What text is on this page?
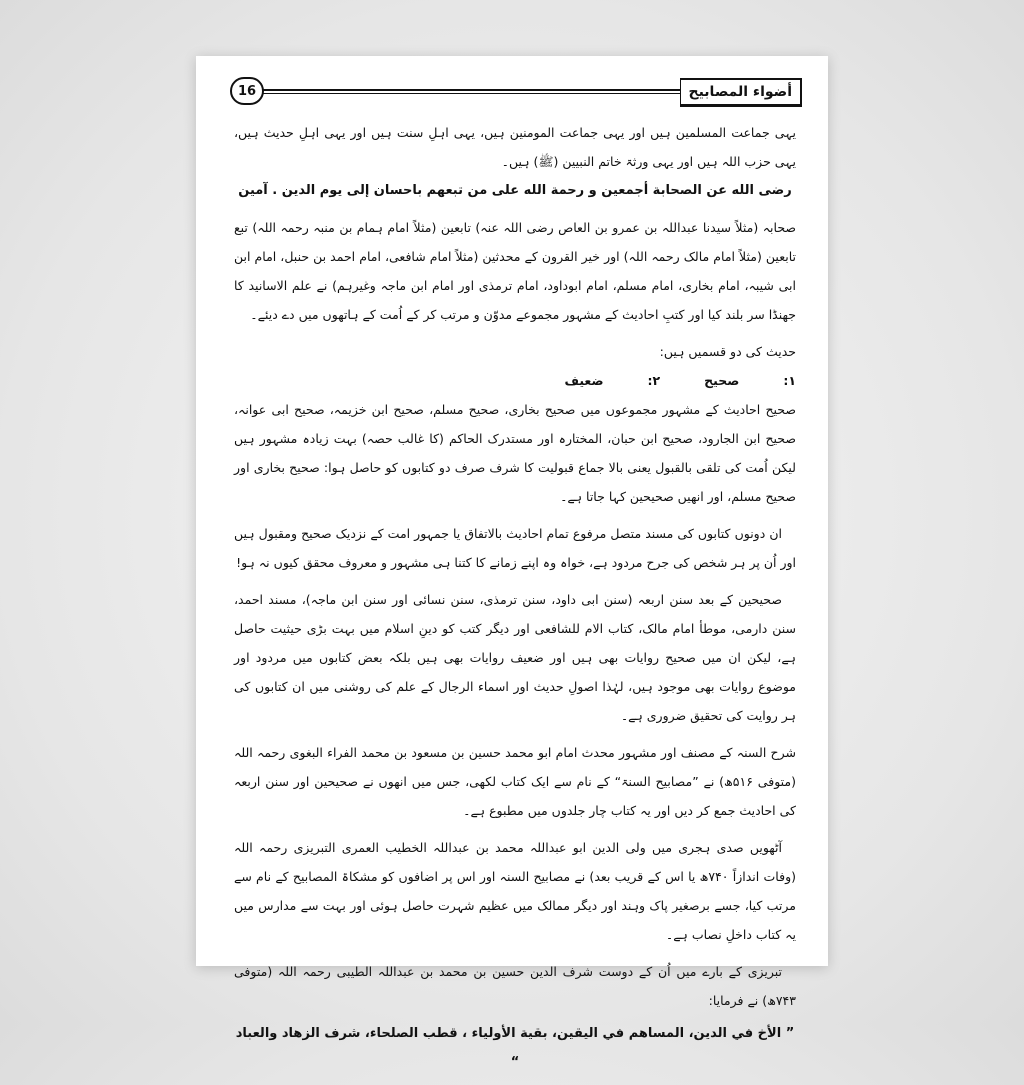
16	أضواء المصابيح

یہی جماعت المسلمین ہیں اور یہی جماعت المومنین ہیں، یہی اہلِ سنت ہیں اور یہی اہلِ حدیث ہیں، یہی حزب اللہ ہیں اور یہی ورثۃ خاتم النبیین (ﷺ) ہیں۔

رضی الله عن الصحابة أجمعين و رحمة الله على من تبعهم باحسان إلى يوم الدين . آمين

صحابہ (مثلاً سیدنا عبداللہ بن عمرو بن العاص رضی اللہ عنہ) تابعین (مثلاً امام ہمام بن منبہ رحمہ اللہ) تبع تابعین (مثلاً امام مالک رحمہ اللہ) اور خیر القرون کے محدثین (مثلاً امام شافعی، امام احمد بن حنبل، امام ابن ابی شیبہ، امام بخاری، امام مسلم، امام ابوداود، امام ترمذی اور امام ابن ماجہ وغیرہم) نے علم الاسانید کا جھنڈا سر بلند کیا اور کتبِ احادیث کے مشہور مجموعے مدوّن و مرتب کر کے اُمت کے ہاتھوں میں دے دیئے۔

حدیث کی دو قسمیں ہیں:

۱: صحیح ۲: ضعیف

صحیح احادیث کے مشہور مجموعوں میں صحیح بخاری، صحیح مسلم، صحیح ابن خزیمہ، صحیح ابی عوانہ، صحیح ابن الجارود، صحیح ابن حبان، المختارہ اور مستدرک الحاکم (کا غالب حصہ) بہت زیادہ مشہور ہیں لیکن اُمت کی تلقی بالقبول یعنی بالا جماع قبولیت کا شرف صرف دو کتابوں کو حاصل ہوا: صحیح بخاری اور صحیح مسلم، اور انھیں صحیحین کہا جاتا ہے۔

ان دونوں کتابوں کی مسند متصل مرفوع تمام احادیث بالاتفاق یا جمہور امت کے نزدیک صحیح ومقبول ہیں اور اُن پر ہر شخص کی جرح مردود ہے، خواہ وہ اپنے زمانے کا کتنا ہی مشہور و معروف محقق کیوں نہ ہو!

صحیحین کے بعد سنن اربعہ (سنن ابی داود، سنن ترمذی، سنن نسائی اور سنن ابن ماجہ)، مسند احمد، سنن دارمی، موطأ امام مالک، کتاب الام للشافعی اور دیگر کتب کو دینِ اسلام میں بہت بڑی حیثیت حاصل ہے، لیکن ان میں صحیح روایات بھی ہیں اور ضعیف روایات بھی ہیں بلکہ بعض کتابوں میں مردود اور موضوع روایات بھی موجود ہیں، لہٰذا اصولِ حدیث اور اسماء الرجال کے علم کی روشنی میں ان کتابوں کی ہر روایت کی تحقیق ضروری ہے۔

شرح السنہ کے مصنف اور مشہور محدث امام ابو محمد حسین بن مسعود بن محمد الفراء البغوی رحمہ اللہ (متوفی ۵۱۶ھ) نے ”مصابیح السنۃ“ کے نام سے ایک کتاب لکھی، جس میں انھوں نے صحیحین اور سنن اربعہ کی احادیث جمع کر دیں اور یہ کتاب چار جلدوں میں مطبوع ہے۔

آٹھویں صدی ہجری میں ولی الدین ابو عبداللہ محمد بن عبداللہ الخطیب العمری التبریزی رحمہ اللہ (وفات اندازاً ۷۴۰ھ یا اس کے قریب بعد) نے مصابیح السنہ اور اس پر اضافوں کو مشکاۃ المصابیح کے نام سے مرتب کیا، جسے برصغیر پاک وہند اور دیگر ممالک میں عظیم شہرت حاصل ہوئی اور بہت سے مدارس میں یہ کتاب داخلِ نصاب ہے۔

تبریزی کے بارے میں اُن کے دوست شرف الدین حسین بن محمد بن عبداللہ الطیبی رحمہ اللہ (متوفی ۷۴۳ھ) نے فرمایا:

” الأخ في الدين، المساهم في اليقين، بقية الأولياء ، قطب الصلحاء، شرف الزهاد والعباد “
